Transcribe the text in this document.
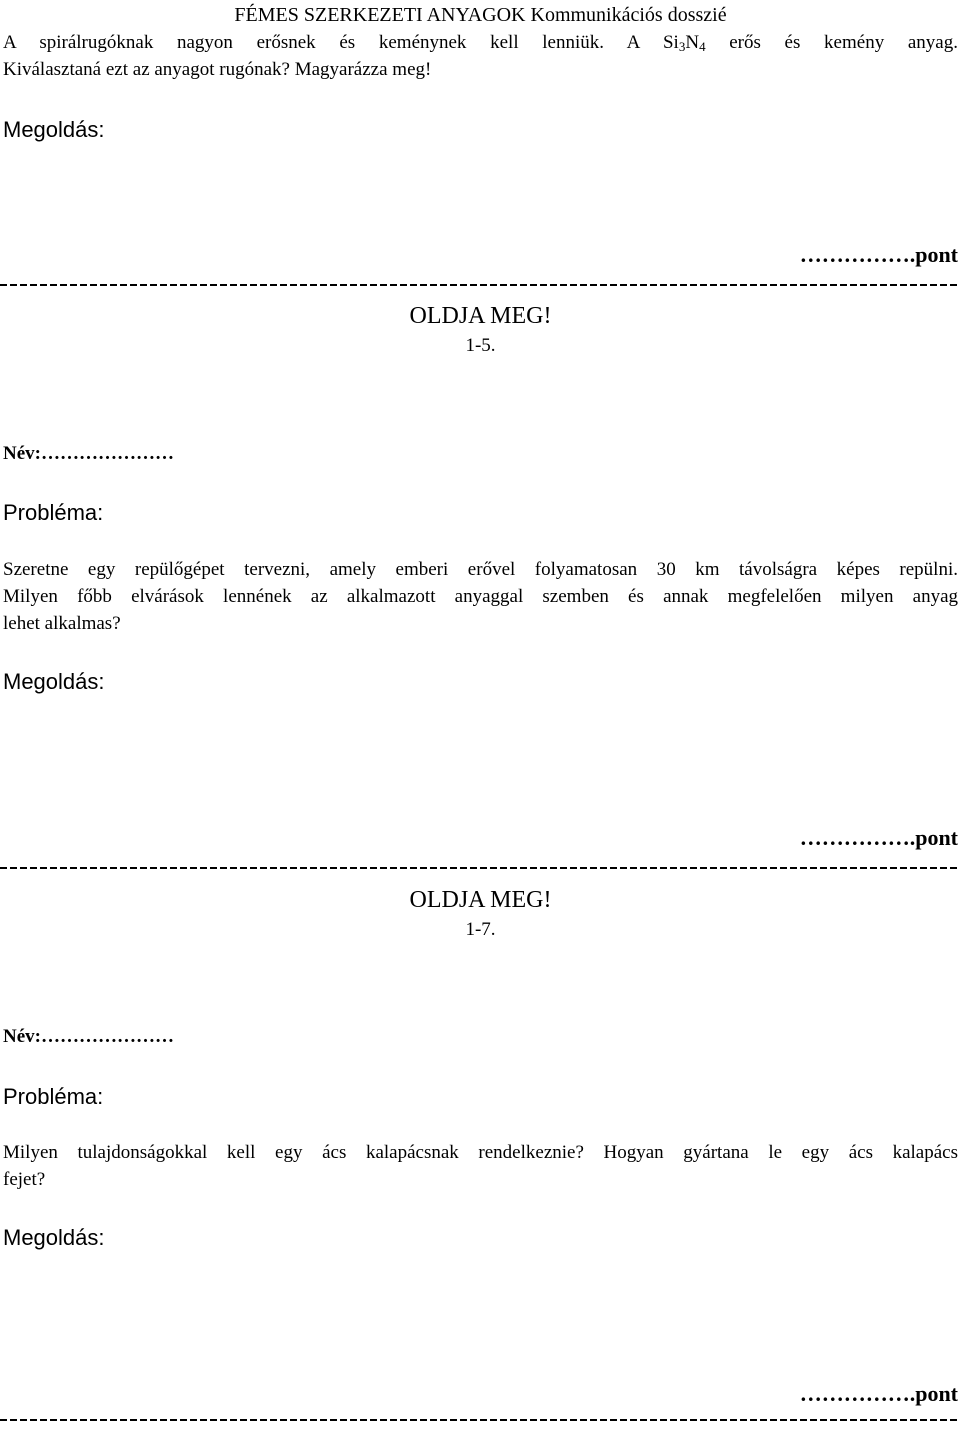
FÉMES SZERKEZETI ANYAGOK Kommunikációs dosszié
A spirálrugóknak nagyon erősnek és keménynek kell lenniük. A $Si_3N_4$ erős és kemény anyag.
Kiválasztaná ezt az anyagot rugónak? Magyarázza meg!
Megoldás:
…………….pont
OLDJA MEG!
1-5.
Név:…………………
Probléma:
Szeretne egy repülőgépet tervezni, amely emberi erővel folyamatosan 30 km távolságra képes repülni.
Milyen főbb elvárások lennének az alkalmazott anyaggal szemben és annak megfelelően milyen anyag
lehet alkalmas?
Megoldás:
…………….pont
OLDJA MEG!
1-7.
Név:…………………
Probléma:
Milyen tulajdonságokkal kell egy ács kalapácsnak rendelkeznie? Hogyan gyártana le egy ács kalapács
fejet?
Megoldás:
…………….pont
